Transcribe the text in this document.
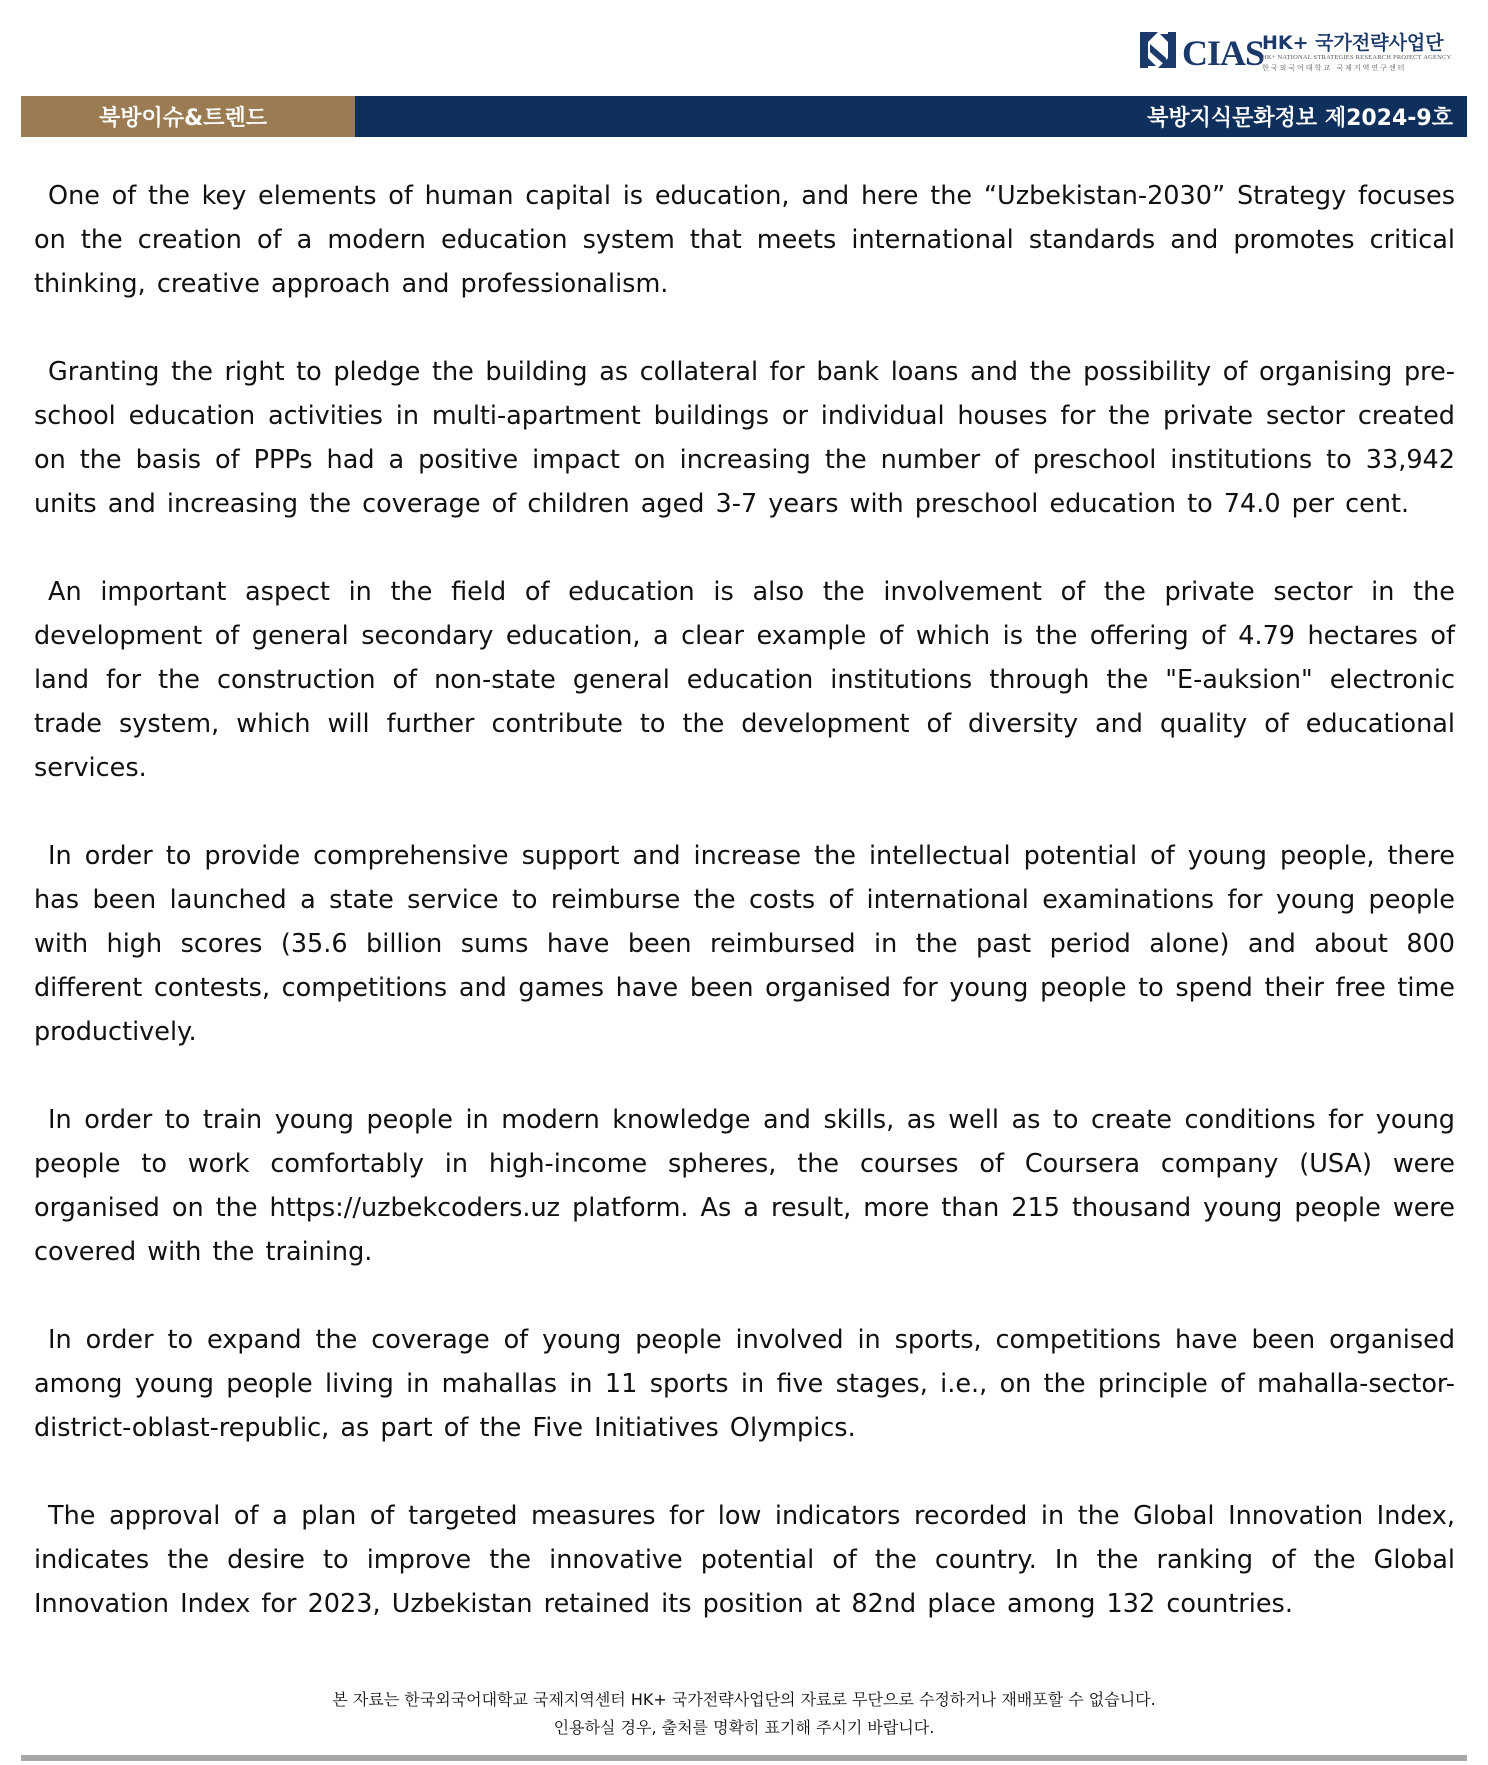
CIAS
HK+ 국가전략사업단
HK+ NATIONAL STRATEGIES RESEARCH PROJECT AGENCY
한국외국어대학교 국제지역연구센터
북방이슈&트렌드	북방지식문화정보 제2024-9호

One of the key elements of human capital is education, and here the “Uzbekistan-2030” Strategy focuses on the creation of a modern education system that meets international standards and promotes critical thinking, creative approach and professionalism.

Granting the right to pledge the building as collateral for bank loans and the possibility of organising pre-school education activities in multi-apartment buildings or individual houses for the private sector created on the basis of PPPs had a positive impact on increasing the number of preschool institutions to 33,942 units and increasing the coverage of children aged 3-7 years with preschool education to 74.0 per cent.

An important aspect in the field of education is also the involvement of the private sector in the development of general secondary education, a clear example of which is the offering of 4.79 hectares of land for the construction of non-state general education institutions through the "E-auksion" electronic trade system, which will further contribute to the development of diversity and quality of educational services.

In order to provide comprehensive support and increase the intellectual potential of young people, there has been launched a state service to reimburse the costs of international examinations for young people with high scores (35.6 billion sums have been reimbursed in the past period alone) and about 800 different contests, competitions and games have been organised for young people to spend their free time productively.

In order to train young people in modern knowledge and skills, as well as to create conditions for young people to work comfortably in high-income spheres, the courses of Coursera company (USA) were organised on the https://uzbekcoders.uz platform. As a result, more than 215 thousand young people were covered with the training.

In order to expand the coverage of young people involved in sports, competitions have been organised among young people living in mahallas in 11 sports in five stages, i.e., on the principle of mahalla-sector-district-oblast-republic, as part of the Five Initiatives Olympics.

The approval of a plan of targeted measures for low indicators recorded in the Global Innovation Index, indicates the desire to improve the innovative potential of the country. In the ranking of the Global Innovation Index for 2023, Uzbekistan retained its position at 82nd place among 132 countries.

본 자료는 한국외국어대학교 국제지역센터 HK+ 국가전략사업단의 자료로 무단으로 수정하거나 재배포할 수 없습니다.
인용하실 경우, 출처를 명확히 표기해 주시기 바랍니다.
